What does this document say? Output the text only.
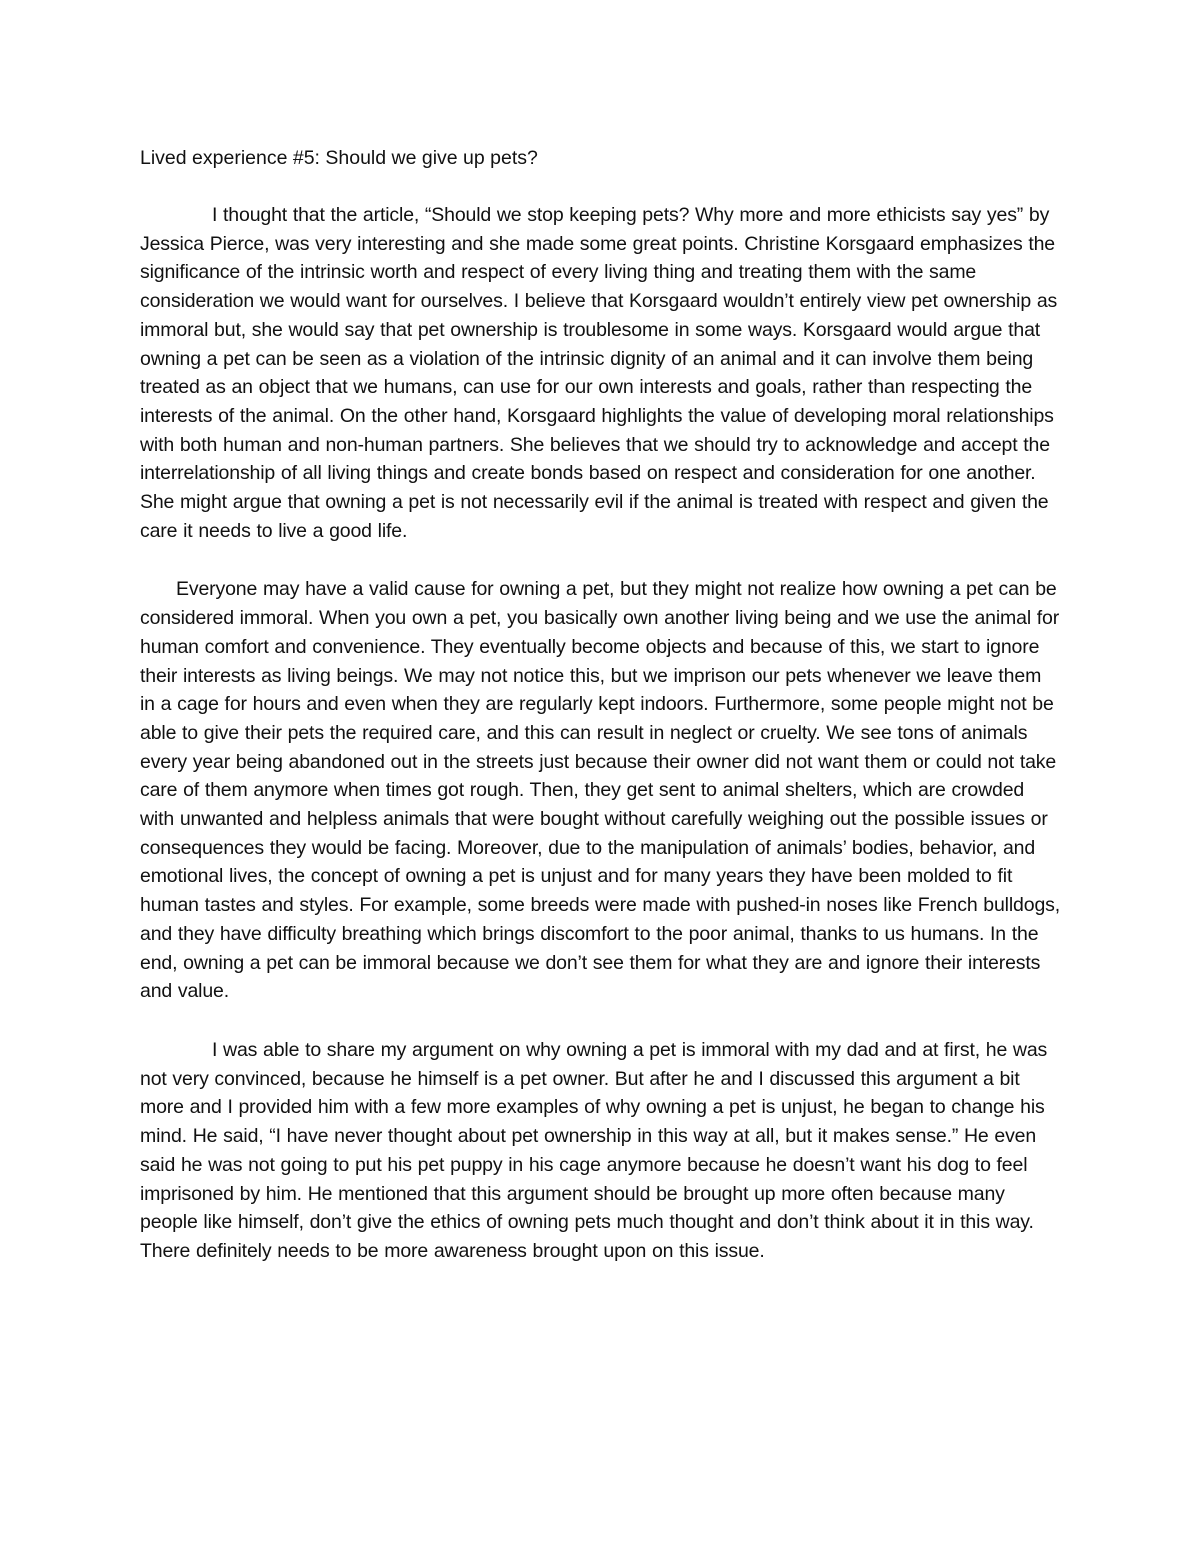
Lived experience #5: Should we give up pets?

I thought that the article, “Should we stop keeping pets? Why more and more ethicists say yes” by Jessica Pierce, was very interesting and she made some great points. Christine Korsgaard emphasizes the significance of the intrinsic worth and respect of every living thing and treating them with the same consideration we would want for ourselves. I believe that Korsgaard wouldn’t entirely view pet ownership as immoral but, she would say that pet ownership is troublesome in some ways. Korsgaard would argue that owning a pet can be seen as a violation of the intrinsic dignity of an animal and it can involve them being treated as an object that we humans, can use for our own interests and goals, rather than respecting the interests of the animal. On the other hand, Korsgaard highlights the value of developing moral relationships with both human and non-human partners. She believes that we should try to acknowledge and accept the interrelationship of all living things and create bonds based on respect and consideration for one another. She might argue that owning a pet is not necessarily evil if the animal is treated with respect and given the care it needs to live a good life.

Everyone may have a valid cause for owning a pet, but they might not realize how owning a pet can be considered immoral. When you own a pet, you basically own another living being and we use the animal for human comfort and convenience. They eventually become objects and because of this, we start to ignore their interests as living beings. We may not notice this, but we imprison our pets whenever we leave them in a cage for hours and even when they are regularly kept indoors. Furthermore, some people might not be able to give their pets the required care, and this can result in neglect or cruelty. We see tons of animals every year being abandoned out in the streets just because their owner did not want them or could not take care of them anymore when times got rough. Then, they get sent to animal shelters, which are crowded with unwanted and helpless animals that were bought without carefully weighing out the possible issues or consequences they would be facing. Moreover, due to the manipulation of animals’ bodies, behavior, and emotional lives, the concept of owning a pet is unjust and for many years they have been molded to fit human tastes and styles. For example, some breeds were made with pushed-in noses like French bulldogs, and they have difficulty breathing which brings discomfort to the poor animal, thanks to us humans. In the end, owning a pet can be immoral because we don’t see them for what they are and ignore their interests and value.

I was able to share my argument on why owning a pet is immoral with my dad and at first, he was not very convinced, because he himself is a pet owner. But after he and I discussed this argument a bit more and I provided him with a few more examples of why owning a pet is unjust, he began to change his mind. He said, “I have never thought about pet ownership in this way at all, but it makes sense.” He even said he was not going to put his pet puppy in his cage anymore because he doesn’t want his dog to feel imprisoned by him. He mentioned that this argument should be brought up more often because many people like himself, don’t give the ethics of owning pets much thought and don’t think about it in this way. There definitely needs to be more awareness brought upon on this issue.
